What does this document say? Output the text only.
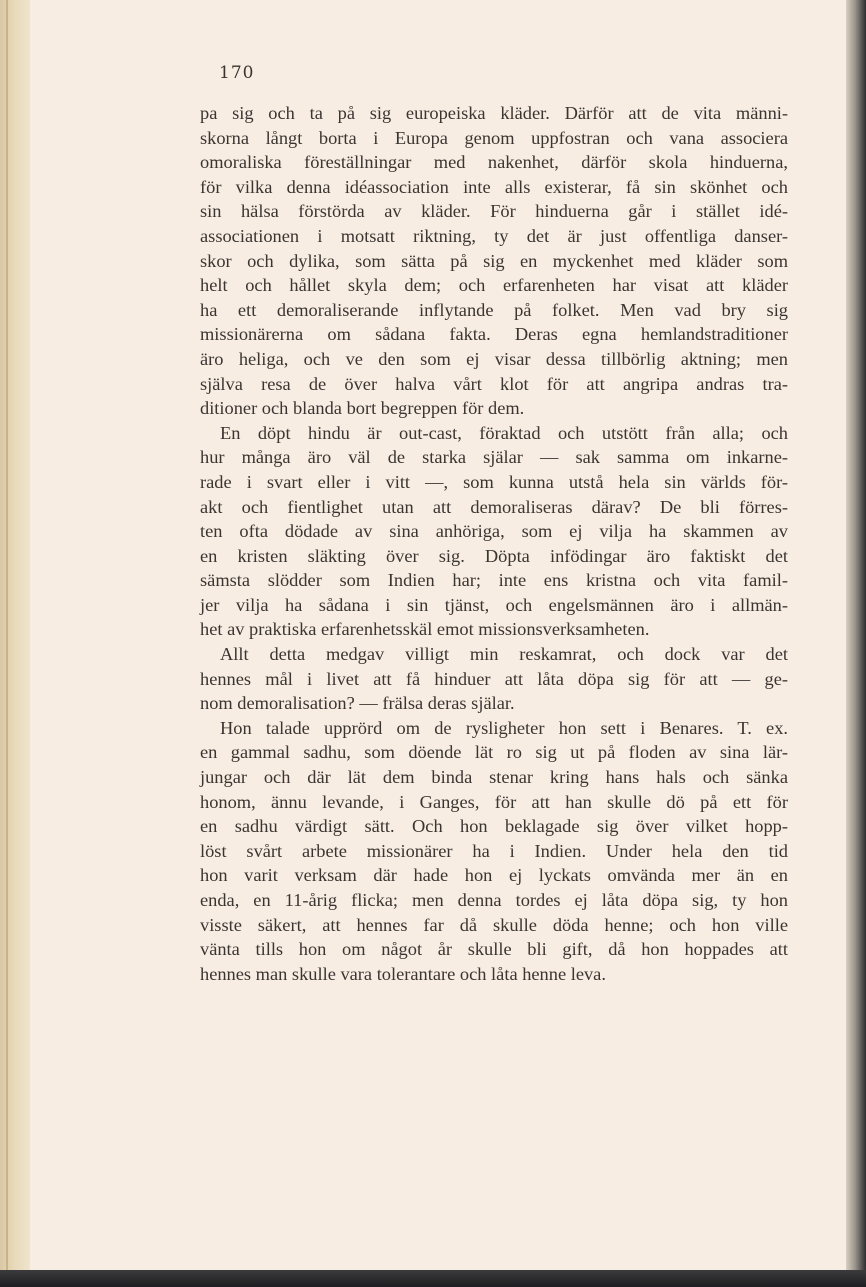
170
pa sig och ta på sig europeiska kläder. Därför att de vita männi-
skorna långt borta i Europa genom uppfostran och vana associera
omoraliska föreställningar med nakenhet, därför skola hinduerna,
för vilka denna idéassociation inte alls existerar, få sin skönhet och
sin hälsa förstörda av kläder. För hinduerna går i stället idé-
associationen i motsatt riktning, ty det är just offentliga danser-
skor och dylika, som sätta på sig en myckenhet med kläder som
helt och hållet skyla dem; och erfarenheten har visat att kläder
ha ett demoraliserande inflytande på folket. Men vad bry sig
missionärerna om sådana fakta. Deras egna hemlandstraditioner
äro heliga, och ve den som ej visar dessa tillbörlig aktning; men
själva resa de över halva vårt klot för att angripa andras tra-
ditioner och blanda bort begreppen för dem.
En döpt hindu är out-cast, föraktad och utstött från alla; och
hur många äro väl de starka själar — sak samma om inkarne-
rade i svart eller i vitt —, som kunna utstå hela sin världs för-
akt och fientlighet utan att demoraliseras därav? De bli förres-
ten ofta dödade av sina anhöriga, som ej vilja ha skammen av
en kristen släkting över sig. Döpta infödingar äro faktiskt det
sämsta slödder som Indien har; inte ens kristna och vita famil-
jer vilja ha sådana i sin tjänst, och engelsmännen äro i allmän-
het av praktiska erfarenhetsskäl emot missionsverksamheten.
Allt detta medgav villigt min reskamrat, och dock var det
hennes mål i livet att få hinduer att låta döpa sig för att — ge-
nom demoralisation? — frälsa deras själar.
Hon talade upprörd om de rysligheter hon sett i Benares. T. ex.
en gammal sadhu, som döende lät ro sig ut på floden av sina lär-
jungar och där lät dem binda stenar kring hans hals och sänka
honom, ännu levande, i Ganges, för att han skulle dö på ett för
en sadhu värdigt sätt. Och hon beklagade sig över vilket hopp-
löst svårt arbete missionärer ha i Indien. Under hela den tid
hon varit verksam där hade hon ej lyckats omvända mer än en
enda, en 11-årig flicka; men denna tordes ej låta döpa sig, ty hon
visste säkert, att hennes far då skulle döda henne; och hon ville
vänta tills hon om något år skulle bli gift, då hon hoppades att
hennes man skulle vara tolerantare och låta henne leva.
